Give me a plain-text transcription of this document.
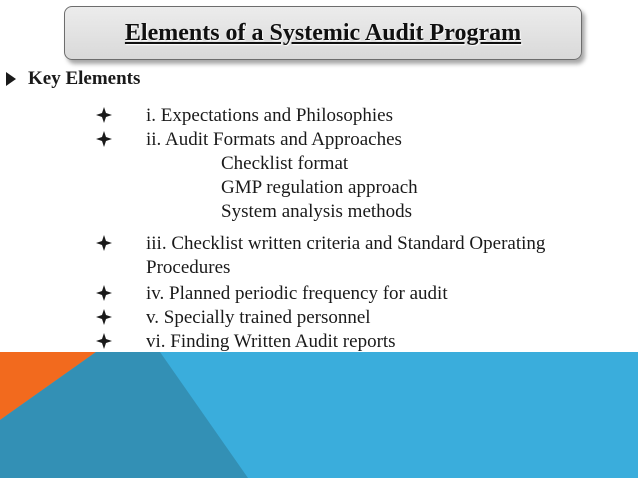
Elements of a Systemic Audit Program
Key Elements
i. Expectations and Philosophies
ii. Audit Formats and Approaches
Checklist format
GMP regulation approach
System analysis methods
iii. Checklist written criteria and Standard Operating Procedures
iv. Planned periodic frequency for audit
v. Specially trained personnel
vi. Finding Written Audit reports
